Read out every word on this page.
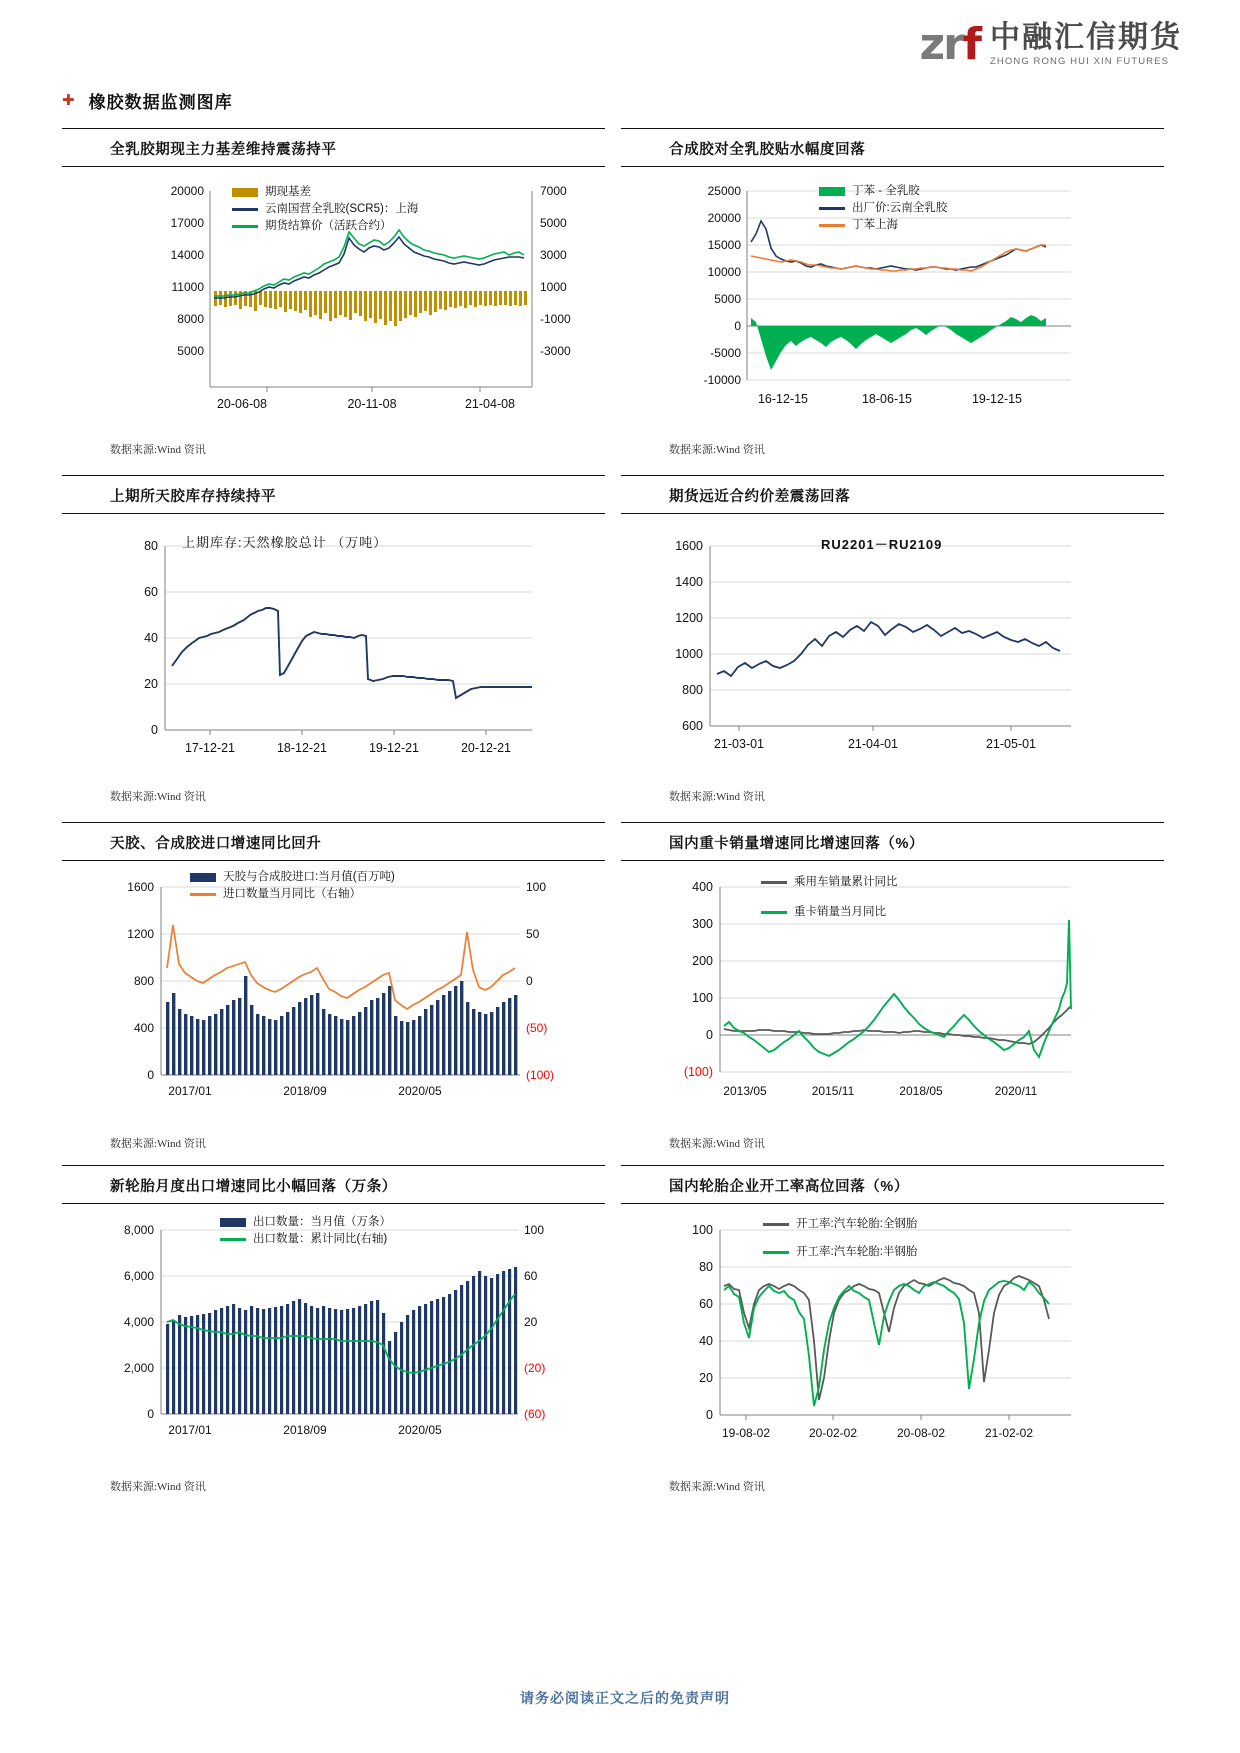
zrf 中融汇信期货
ZHONG RONG HUI XIN FUTURES
✚ 橡胶数据监测图库
全乳胶期现主力基差维持震荡持平
5000
8000
11000
14000
17000
20000
-3000
-1000
1000
3000
5000
7000
20-06-08	20-11-08	21-04-08
期现基差
云南国营全乳胶(SCR5)：上海
期货结算价（活跃合约）
数据来源:Wind 资讯
合成胶对全乳胶贴水幅度回落
25000
20000
15000
10000
5000
0
-5000
-10000
16-12-15	18-06-15	19-12-15
丁苯 - 全乳胶
出厂价:云南全乳胶
丁苯上海
数据来源:Wind 资讯
上期所天胶库存持续持平
80
60
40
20
0
17-12-21	18-12-21	19-12-21	20-12-21
上期库存:天然橡胶总计 （万吨）
数据来源:Wind 资讯
期货远近合约价差震荡回落
1600
1400
1200
1000
800
600
21-03-01	21-04-01	21-05-01
RU2201－RU2109
数据来源:Wind 资讯
天胶、合成胶进口增速同比回升
1600
1200
800
400
0
100
50
0
(50)
(100)
2017/01	2018/09	2020/05
天胶与合成胶进口:当月值(百万吨)
进口数量当月同比（右轴）
数据来源:Wind 资讯
国内重卡销量增速同比增速回落（%）
400
300
200
100
0
(100)
2013/05	2015/11	2018/05	2020/11
乘用车销量累计同比
重卡销量当月同比
数据来源:Wind 资讯
新轮胎月度出口增速同比小幅回落（万条）
8,000
6,000
4,000
2,000
0
100
60
20
(20)
(60)
2017/01	2018/09	2020/05
出口数量：当月值（万条）
出口数量：累计同比(右轴)
数据来源:Wind 资讯
国内轮胎企业开工率高位回落（%）
100
80
60
40
20
0
19-08-02	20-02-02	20-08-02	21-02-02
开工率:汽车轮胎:全钢胎
开工率:汽车轮胎:半钢胎
数据来源:Wind 资讯
请务必阅读正文之后的免责声明
